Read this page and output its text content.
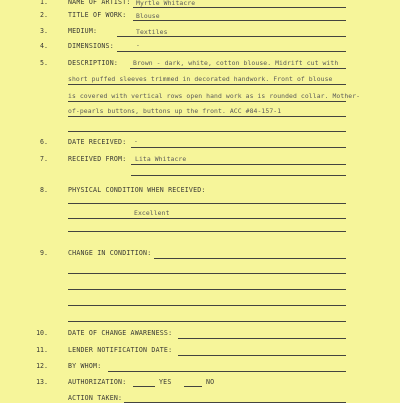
1.	NAME OF ARTIST: Myrtle Whitacre
2.	TITLE OF WORK: Blouse
3.	MEDIUM:	Textiles
4.	DIMENSIONS:	-
5.	DESCRIPTION: Brown - dark, white, cotton blouse. Midrift cut with
short puffed sleeves trimmed in decorated handwork. Front of blouse
is covered with vertical rows open hand work as is rounded collar. Mother-
of-pearls buttons, buttons up the front. ACC #84-157-1
6.	DATE RECEIVED: -
7.	RECEIVED FROM: Lita Whitacre
8.	PHYSICAL CONDITION WHEN RECEIVED:
Excellent
9.	CHANGE IN CONDITION:
10.	DATE OF CHANGE AWARENESS:
11.	LENDER NOTIFICATION DATE:
12.	BY WHOM:
13.	AUTHORIZATION:	YES	NO
ACTION TAKEN:
